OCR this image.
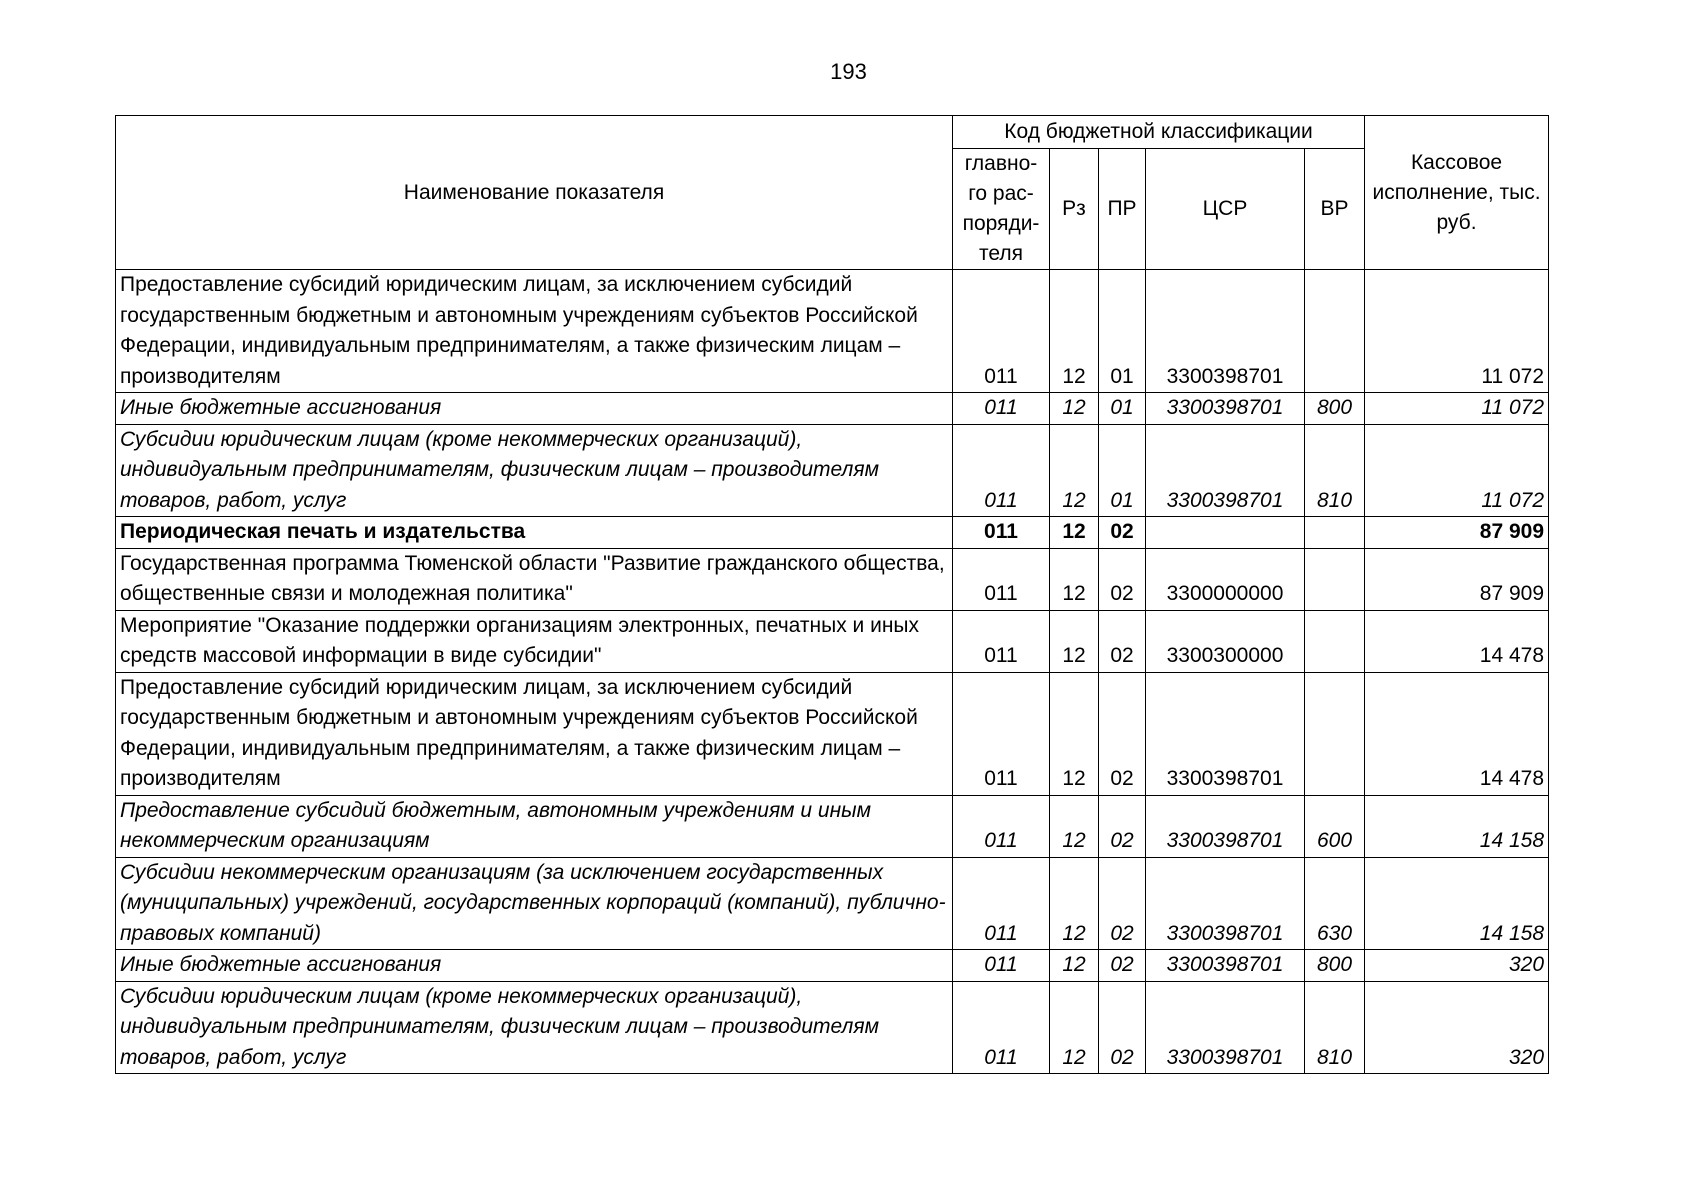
193
Наименование показателя	Код бюджетной классификации					Кассовое исполнение, тыс. руб.
	главно-го рас-поряди-теля	Рз	ПР	ЦСР	ВР	
Предоставление субсидий юридическим лицам, за исключением субсидий государственным бюджетным и автономным учреждениям субъектов Российской Федерации, индивидуальным предпринимателям, а также физическим лицам – производителям	011	12	01	3300398701		11 072
Иные бюджетные ассигнования	011	12	01	3300398701	800	11 072
Субсидии юридическим лицам (кроме некоммерческих организаций), индивидуальным предпринимателям, физическим лицам – производителям товаров, работ, услуг	011	12	01	3300398701	810	11 072
Периодическая печать и издательства	011	12	02			87 909
Государственная программа Тюменской области "Развитие гражданского общества, общественные связи и молодежная политика"	011	12	02	3300000000		87 909
Мероприятие "Оказание поддержки организациям электронных, печатных и иных средств массовой информации в виде субсидии"	011	12	02	3300300000		14 478
Предоставление субсидий юридическим лицам, за исключением субсидий государственным бюджетным и автономным учреждениям субъектов Российской Федерации, индивидуальным предпринимателям, а также физическим лицам – производителям	011	12	02	3300398701		14 478
Предоставление субсидий бюджетным, автономным учреждениям и иным некоммерческим организациям	011	12	02	3300398701	600	14 158
Субсидии некоммерческим организациям (за исключением государственных (муниципальных) учреждений, государственных корпораций (компаний), публично-правовых компаний)	011	12	02	3300398701	630	14 158
Иные бюджетные ассигнования	011	12	02	3300398701	800	320
Субсидии юридическим лицам (кроме некоммерческих организаций), индивидуальным предпринимателям, физическим лицам – производителям товаров, работ, услуг	011	12	02	3300398701	810	320
